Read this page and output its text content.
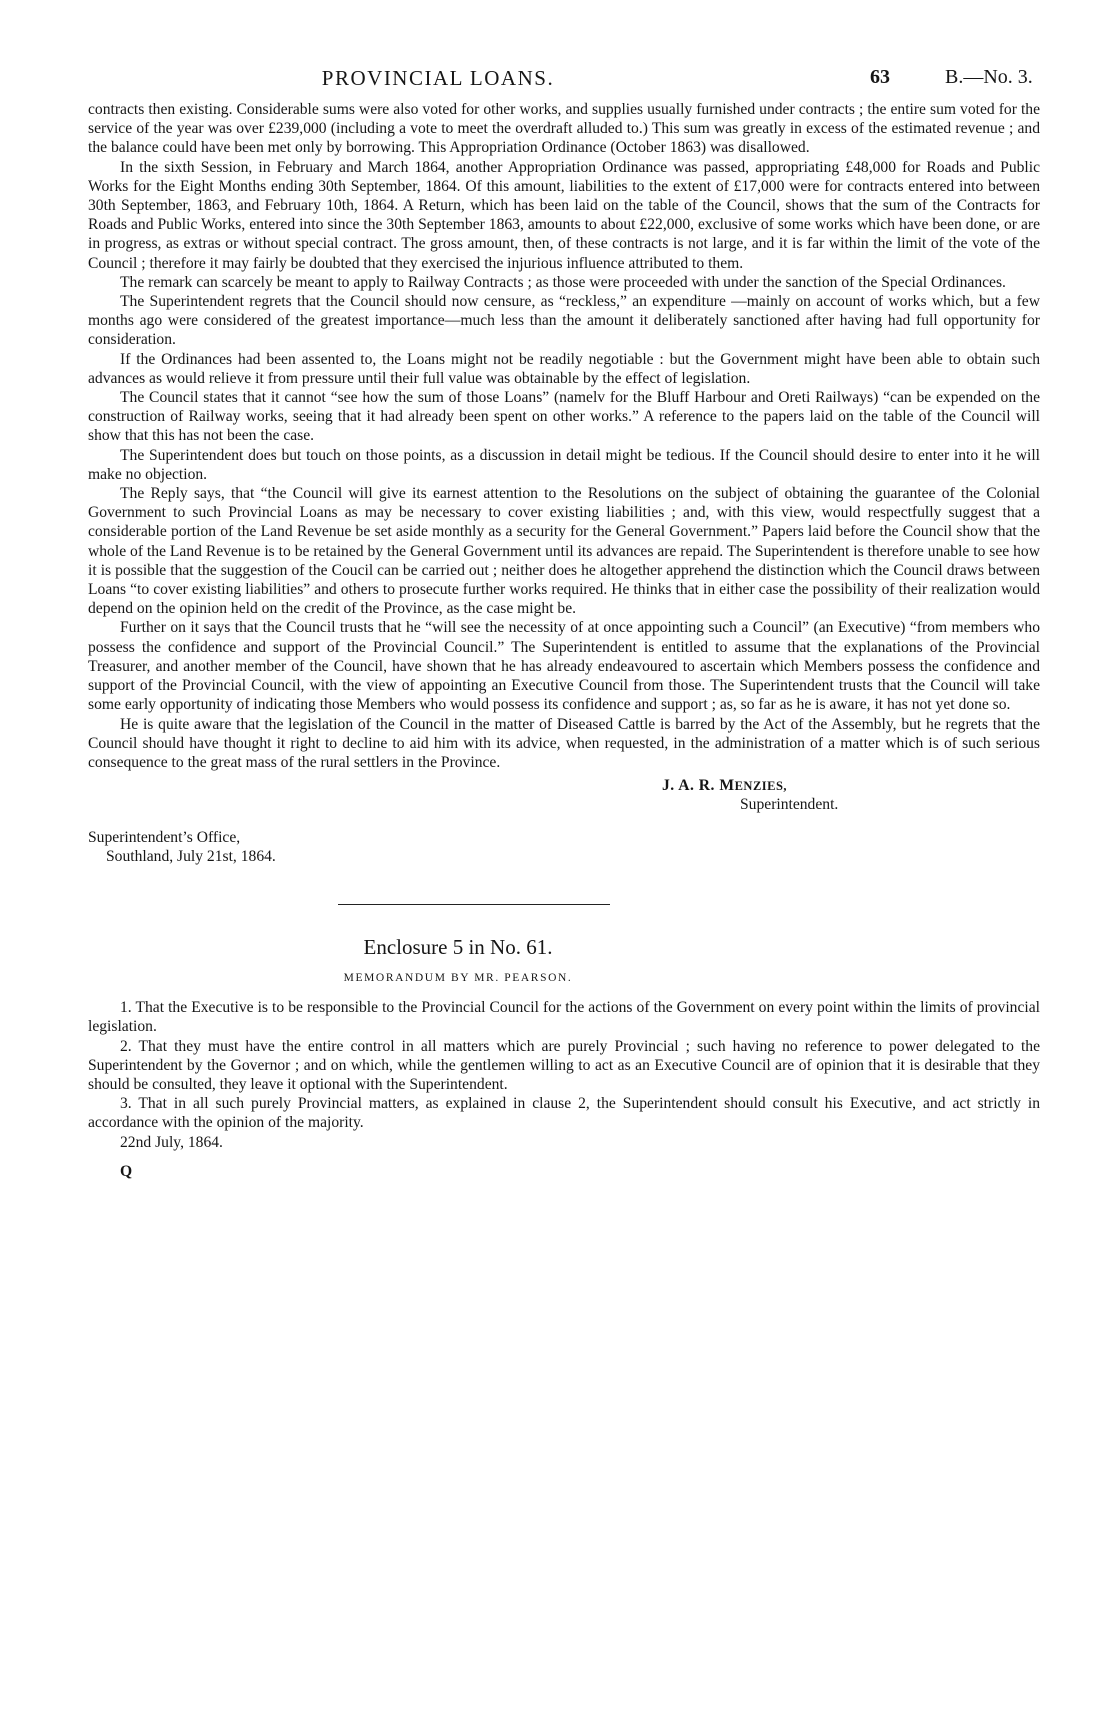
PROVINCIAL LOANS.	63	B.—No. 3.

contracts then existing. Considerable sums were also voted for other works, and supplies usually furnished under contracts ; the entire sum voted for the service of the year was over £239,000 (including a vote to meet the overdraft alluded to.) This sum was greatly in excess of the estimated revenue ; and the balance could have been met only by borrowing. This Appropriation Ordinance (October 1863) was disallowed.

In the sixth Session, in February and March 1864, another Appropriation Ordinance was passed, appropriating £48,000 for Roads and Public Works for the Eight Months ending 30th September, 1864. Of this amount, liabilities to the extent of £17,000 were for contracts entered into between 30th September, 1863, and February 10th, 1864. A Return, which has been laid on the table of the Council, shows that the sum of the Contracts for Roads and Public Works, entered into since the 30th September 1863, amounts to about £22,000, exclusive of some works which have been done, or are in progress, as extras or without special contract. The gross amount, then, of these contracts is not large, and it is far within the limit of the vote of the Council ; therefore it may fairly be doubted that they exercised the injurious influence attributed to them.

The remark can scarcely be meant to apply to Railway Contracts ; as those were proceeded with under the sanction of the Special Ordinances.

The Superintendent regrets that the Council should now censure, as “reckless,” an expenditure —mainly on account of works which, but a few months ago were considered of the greatest importance—much less than the amount it deliberately sanctioned after having had full opportunity for consideration.

If the Ordinances had been assented to, the Loans might not be readily negotiable : but the Government might have been able to obtain such advances as would relieve it from pressure until their full value was obtainable by the effect of legislation.

The Council states that it cannot “see how the sum of those Loans” (namelv for the Bluff Harbour and Oreti Railways) “can be expended on the construction of Railway works, seeing that it had already been spent on other works.” A reference to the papers laid on the table of the Council will show that this has not been the case.

The Superintendent does but touch on those points, as a discussion in detail might be tedious. If the Council should desire to enter into it he will make no objection.

The Reply says, that “the Council will give its earnest attention to the Resolutions on the subject of obtaining the guarantee of the Colonial Government to such Provincial Loans as may be necessary to cover existing liabilities ; and, with this view, would respectfully suggest that a considerable portion of the Land Revenue be set aside monthly as a security for the General Government.” Papers laid before the Council show that the whole of the Land Revenue is to be retained by the General Government until its advances are repaid. The Superintendent is therefore unable to see how it is possible that the suggestion of the Coucil can be carried out ; neither does he altogether apprehend the distinction which the Council draws between Loans “to cover existing liabilities” and others to prosecute further works required. He thinks that in either case the possibility of their realization would depend on the opinion held on the credit of the Province, as the case might be.

Further on it says that the Council trusts that he “will see the necessity of at once appointing such a Council” (an Executive) “from members who possess the confidence and support of the Provincial Council.” The Superintendent is entitled to assume that the explanations of the Provincial Treasurer, and another member of the Council, have shown that he has already endeavoured to ascertain which Members possess the confidence and support of the Provincial Council, with the view of appointing an Executive Council from those. The Superintendent trusts that the Council will take some early opportunity of indicating those Members who would possess its confidence and support ; as, so far as he is aware, it has not yet done so.

He is quite aware that the legislation of the Council in the matter of Diseased Cattle is barred by the Act of the Assembly, but he regrets that the Council should have thought it right to decline to aid him with its advice, when requested, in the administration of a matter which is of such serious consequence to the great mass of the rural settlers in the Province.

J. A. R. MENZIES,
Superintendent.
Superintendent’s Office,
Southland, July 21st, 1864.
Enclosure 5 in No. 61.
MEMORANDUM BY MR. PEARSON.

1. That the Executive is to be responsible to the Provincial Council for the actions of the Government on every point within the limits of provincial legislation.

2. That they must have the entire control in all matters which are purely Provincial ; such having no reference to power delegated to the Superintendent by the Governor ; and on which, while the gentlemen willing to act as an Executive Council are of opinion that it is desirable that they should be consulted, they leave it optional with the Superintendent.

3. That in all such purely Provincial matters, as explained in clause 2, the Superintendent should consult his Executive, and act strictly in accordance with the opinion of the majority.

22nd July, 1864.
Q
